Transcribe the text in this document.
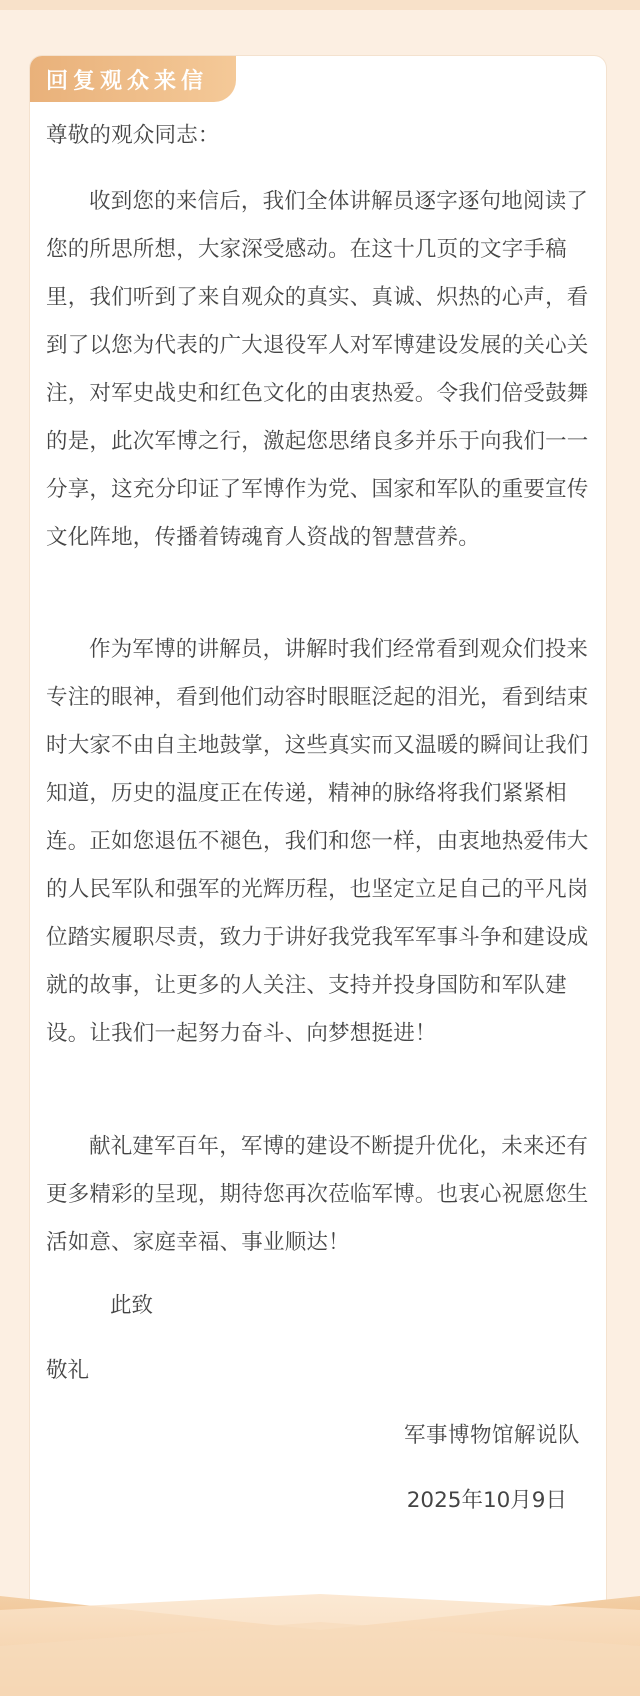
回复观众来信
尊敬的观众同志：

收到您的来信后，我们全体讲解员逐字逐句地阅读了您的所思所想，大家深受感动。在这十几页的文字手稿里，我们听到了来自观众的真实、真诚、炽热的心声，看到了以您为代表的广大退役军人对军博建设发展的关心关注，对军史战史和红色文化的由衷热爱。令我们倍受鼓舞的是，此次军博之行，激起您思绪良多并乐于向我们一一分享，这充分印证了军博作为党、国家和军队的重要宣传文化阵地，传播着铸魂育人资战的智慧营养。

作为军博的讲解员，讲解时我们经常看到观众们投来专注的眼神，看到他们动容时眼眶泛起的泪光，看到结束时大家不由自主地鼓掌，这些真实而又温暖的瞬间让我们知道，历史的温度正在传递，精神的脉络将我们紧紧相连。正如您退伍不褪色，我们和您一样，由衷地热爱伟大的人民军队和强军的光辉历程，也坚定立足自己的平凡岗位踏实履职尽责，致力于讲好我党我军军事斗争和建设成就的故事，让更多的人关注、支持并投身国防和军队建设。让我们一起努力奋斗、向梦想挺进！

献礼建军百年，军博的建设不断提升优化，未来还有更多精彩的呈现，期待您再次莅临军博。也衷心祝愿您生活如意、家庭幸福、事业顺达！

此致
敬礼
军事博物馆解说队
2025年10月9日
